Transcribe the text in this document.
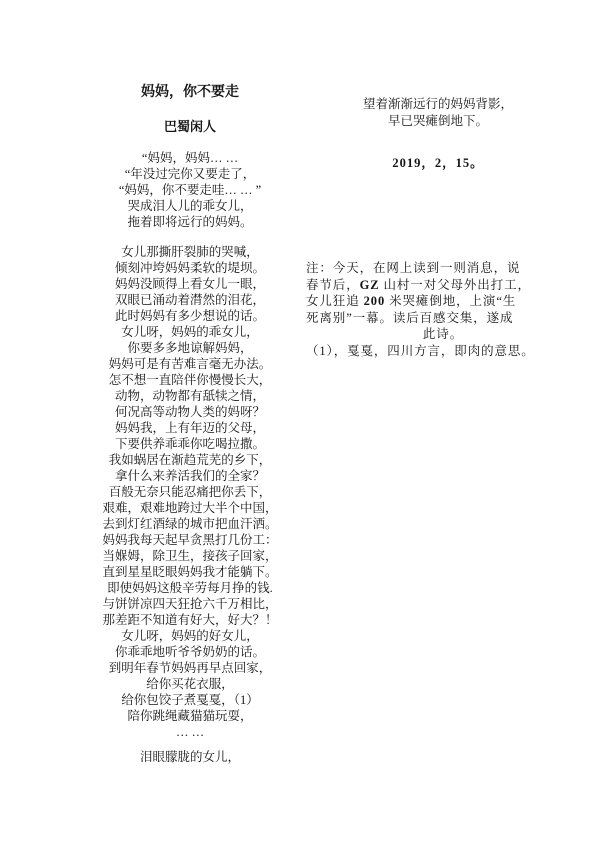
妈妈，你不要走
巴蜀闲人
“妈妈，妈妈… …
“年没过完你又要走了，
“妈妈，你不要走哇… … ”
哭成泪人儿的乖女儿，
拖着即将远行的妈妈。
女儿那撕肝裂肺的哭喊，
倾刻冲垮妈妈柔软的堤坝。
妈妈没顾得上看女儿一眼，
双眼已涌动着潸然的泪花，
此时妈妈有多少想说的话。
女儿呀，妈妈的乖女儿，
你要多多地谅解妈妈，
妈妈可是有苦难言毫无办法。
怎不想一直陪伴你慢慢长大，
动物，动物都有舐犊之情，
何况高等动物人类的妈呀？
妈妈我，上有年迈的父母，
下要供养乖乖你吃喝拉撒。
我如蜗居在渐趋荒芜的乡下，
拿什么来养活我们的全家？
百般无奈只能忍痛把你丢下，
艰难，艰难地跨过大半个中国，
去到灯红酒绿的城市把血汗洒。
妈妈我每天起早贪黑打几份工：
当媬姆，除卫生，接孩子回家，
直到星星眨眼妈妈我才能躺下。
即使妈妈这般辛劳每月挣的钱.
与饼饼凉四天狂抢六千万相比，
那差距不知道有好大，好大？！
女儿呀，妈妈的好女儿，
你乖乖地听爷爷奶奶的话。
到明年春节妈妈再早点回家，
给你买花衣服，
给你包饺子煮戛戛，（1）
陪你跳绳藏猫猫玩耍，
… …
泪眼朦胧的女儿，
望着渐渐远行的妈妈背影，
早已哭瘫倒地下。
2019，2，15。
注：今天，在网上读到一则消息，说
春节后，GZ 山村一对父母外出打工，
女儿狂追 200 米哭瘫倒地，上演“生
死离别”一幕。读后百感交集，遂成
此诗。
（1），戛戛，四川方言，即肉的意思。
